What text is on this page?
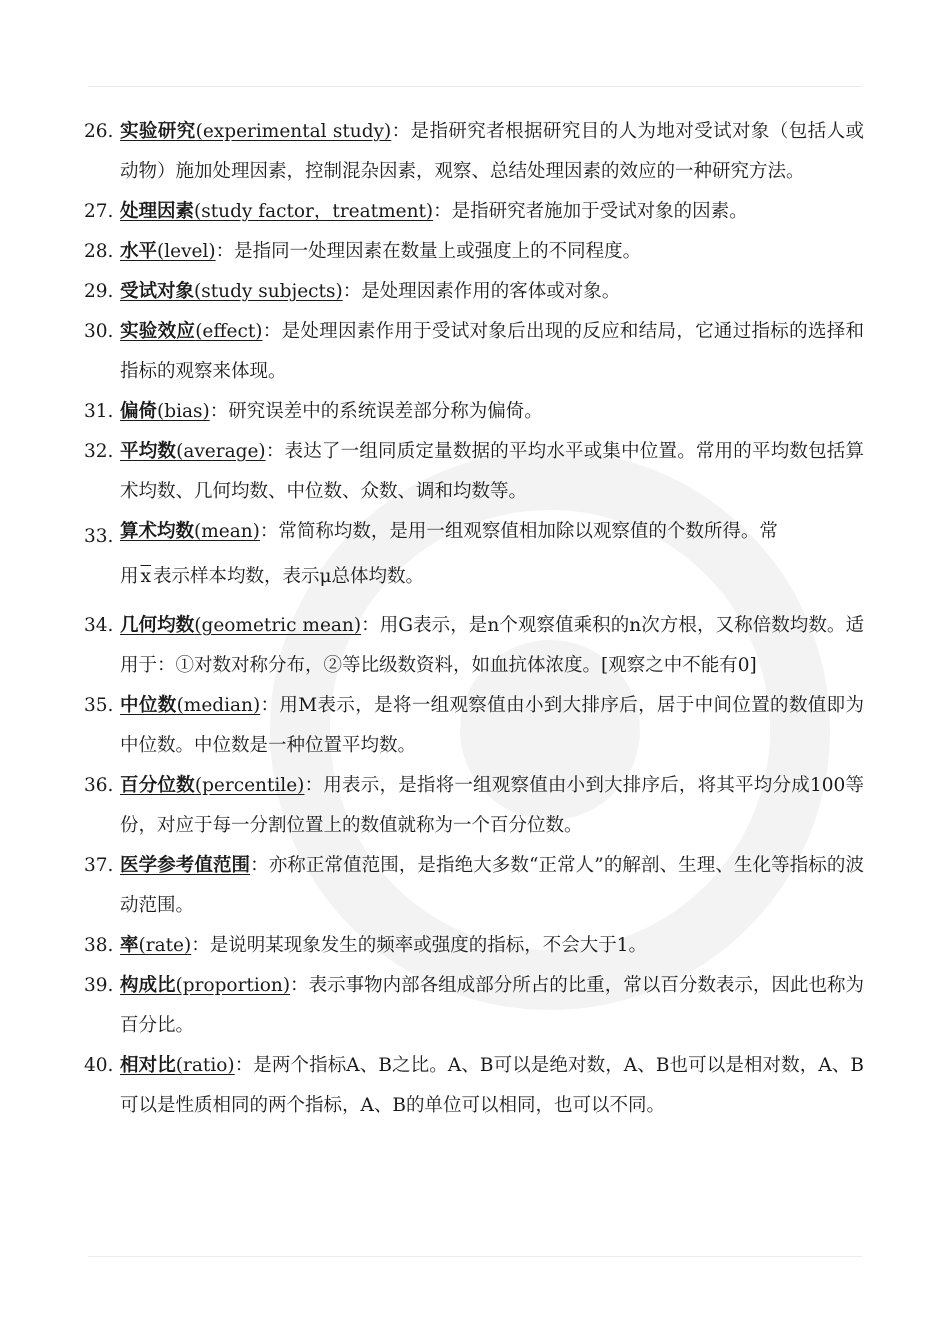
26. 实验研究(experimental study)：是指研究者根据研究目的人为地对受试对象（包括人或动物）施加处理因素，控制混杂因素，观察、总结处理因素的效应的一种研究方法。
27. 处理因素(study factor，treatment)：是指研究者施加于受试对象的因素。
28. 水平(level)：是指同一处理因素在数量上或强度上的不同程度。
29. 受试对象(study subjects)：是处理因素作用的客体或对象。
30. 实验效应(effect)：是处理因素作用于受试对象后出现的反应和结局，它通过指标的选择和指标的观察来体现。
31. 偏倚(bias)：研究误差中的系统误差部分称为偏倚。
32. 平均数(average)：表达了一组同质定量数据的平均水平或集中位置。常用的平均数包括算术均数、几何均数、中位数、众数、调和均数等。
33. 算术均数(mean)：常简称均数，是用一组观察值相加除以观察值的个数所得。常
用 $\overline{x}$ 表示样本均数，表示μ总体均数。
34. 几何均数(geometric mean)：用G表示，是n个观察值乘积的n次方根，又称倍数均数。适用于：①对数对称分布，②等比级数资料，如血抗体浓度。[观察之中不能有0]
35. 中位数(median)：用M表示，是将一组观察值由小到大排序后，居于中间位置的数值即为中位数。中位数是一种位置平均数。
36. 百分位数(percentile)：用表示，是指将一组观察值由小到大排序后，将其平均分成100等份，对应于每一分割位置上的数值就称为一个百分位数。
37. 医学参考值范围：亦称正常值范围，是指绝大多数“正常人”的解剖、生理、生化等指标的波动范围。
38. 率(rate)：是说明某现象发生的频率或强度的指标，不会大于1。
39. 构成比(proportion)：表示事物内部各组成部分所占的比重，常以百分数表示，因此也称为百分比。
40. 相对比(ratio)：是两个指标A、B之比。A、B可以是绝对数，A、B也可以是相对数，A、B可以是性质相同的两个指标，A、B的单位可以相同，也可以不同。
